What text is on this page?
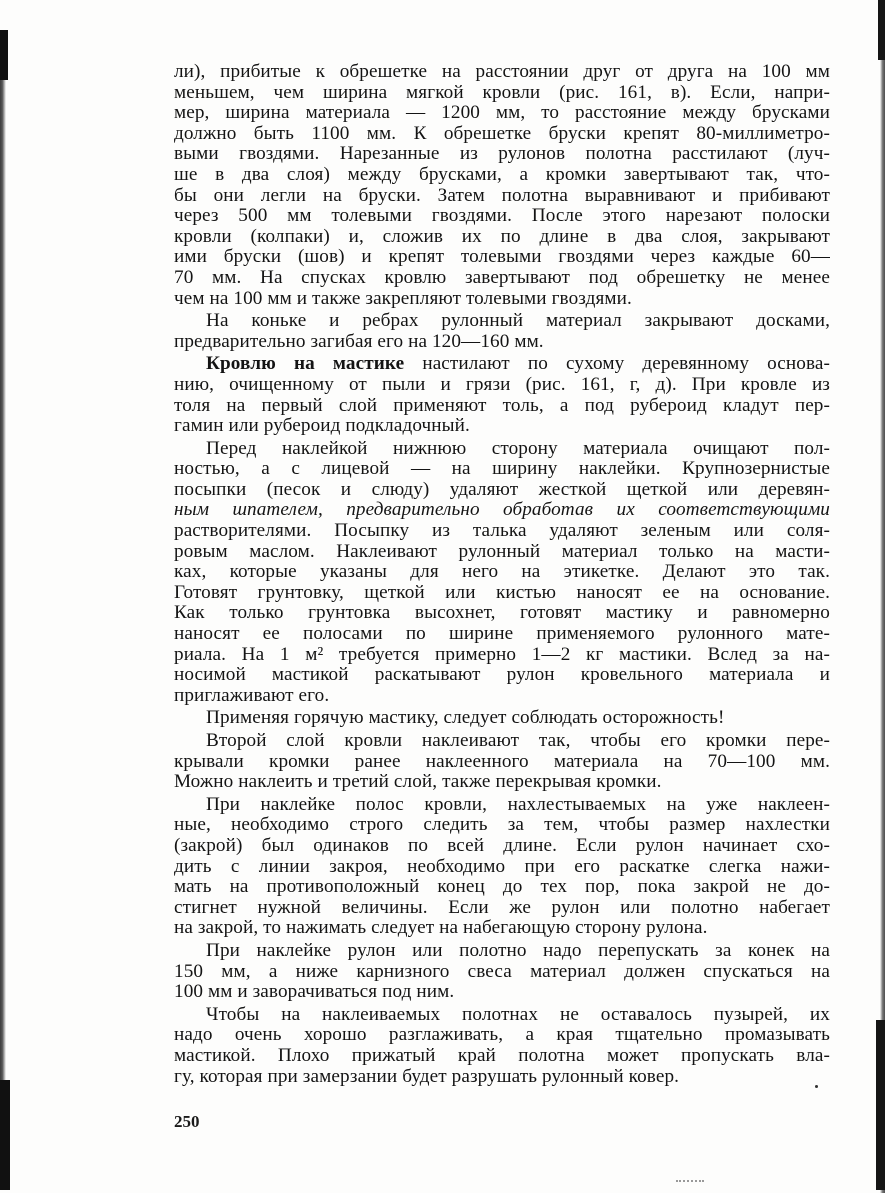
ли), прибитые к обрешетке на расстоянии друг от друга на 100 мм
меньшем, чем ширина мягкой кровли (рис. 161, в). Если, напри-
мер, ширина материала — 1200 мм, то расстояние между брусками
должно быть 1100 мм. К обрешетке бруски крепят 80-миллиметро-
выми гвоздями. Нарезанные из рулонов полотна расстилают (луч-
ше в два слоя) между брусками, а кромки завертывают так, что-
бы они легли на бруски. Затем полотна выравнивают и прибивают
через 500 мм толевыми гвоздями. После этого нарезают полоски
кровли (колпаки) и, сложив их по длине в два слоя, закрывают
ими бруски (шов) и крепят толевыми гвоздями через каждые 60—
70 мм. На спусках кровлю завертывают под обрешетку не менее
чем на 100 мм и также закрепляют толевыми гвоздями.
На коньке и ребрах рулонный материал закрывают досками,
предварительно загибая его на 120—160 мм.
Кровлю на мастике настилают по сухому деревянному основа-
нию, очищенному от пыли и грязи (рис. 161, г, д). При кровле из
толя на первый слой применяют толь, а под рубероид кладут пер-
гамин или рубероид подкладочный.
Перед наклейкой нижнюю сторону материала очищают пол-
ностью, а с лицевой — на ширину наклейки. Крупнозернистые
посыпки (песок и слюду) удаляют жесткой щеткой или деревян-
ным шпателем, предварительно обработав их соответствующими
растворителями. Посыпку из талька удаляют зеленым или соля-
ровым маслом. Наклеивают рулонный материал только на масти-
ках, которые указаны для него на этикетке. Делают это так.
Готовят грунтовку, щеткой или кистью наносят ее на основание.
Как только грунтовка высохнет, готовят мастику и равномерно
наносят ее полосами по ширине применяемого рулонного мате-
риала. На 1 м² требуется примерно 1—2 кг мастики. Вслед за на-
носимой мастикой раскатывают рулон кровельного материала и
приглаживают его.
Применяя горячую мастику, следует соблюдать осторожность!
Второй слой кровли наклеивают так, чтобы его кромки пере-
крывали кромки ранее наклеенного материала на 70—100 мм.
Можно наклеить и третий слой, также перекрывая кромки.
При наклейке полос кровли, нахлестываемых на уже наклеен-
ные, необходимо строго следить за тем, чтобы размер нахлестки
(закрой) был одинаков по всей длине. Если рулон начинает схо-
дить с линии закроя, необходимо при его раскатке слегка нажи-
мать на противоположный конец до тех пор, пока закрой не до-
стигнет нужной величины. Если же рулон или полотно набегает
на закрой, то нажимать следует на набегающую сторону рулона.
При наклейке рулон или полотно надо перепускать за конек на
150 мм, а ниже карнизного свеса материал должен спускаться на
100 мм и заворачиваться под ним.
Чтобы на наклеиваемых полотнах не оставалось пузырей, их
надо очень хорошо разглаживать, а края тщательно промазывать
мастикой. Плохо прижатый край полотна может пропускать вла-
гу, которая при замерзании будет разрушать рулонный ковер.
250
